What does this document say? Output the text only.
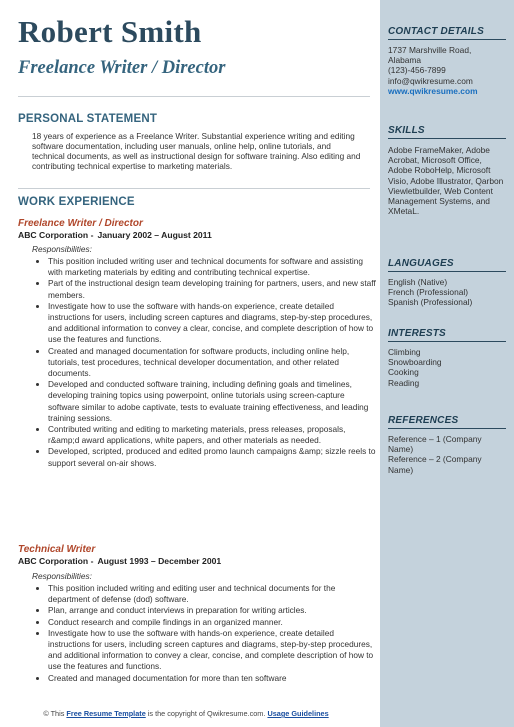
Robert Smith
Freelance Writer / Director
PERSONAL STATEMENT
18 years of experience as a Freelance Writer. Substantial experience writing and editing software documentation, including user manuals, online help, online tutorials, and technical documents, as well as instructional design for software training. Also editing and contributing technical expertise to marketing materials.
WORK EXPERIENCE
Freelance Writer / Director
ABC Corporation - January 2002 – August 2011
Responsibilities:
• This position included writing user and technical documents for software and assisting with marketing materials by editing and contributing technical expertise.
• Part of the instructional design team developing training for partners, users, and new staff members.
• Investigate how to use the software with hands-on experience, create detailed instructions for users, including screen captures and diagrams, step-by-step procedures, and additional information to convey a clear, concise, and complete description of how to use the features and functions.
• Created and managed documentation for software products, including online help, tutorials, test procedures, technical developer documentation, and other related documents.
• Developed and conducted software training, including defining goals and timelines, developing training topics using powerpoint, online tutorials using screen-capture software similar to adobe captivate, tests to evaluate training effectiveness, and leading training sessions.
• Contributed writing and editing to marketing materials, press releases, proposals, r&amp;d award applications, white papers, and other materials as needed.
• Developed, scripted, produced and edited promo launch campaigns &amp; sizzle reels to support several on-air shows.
Technical Writer
ABC Corporation - August 1993 – December 2001
Responsibilities:
• This position included writing and editing user and technical documents for the department of defense (dod) software.
• Plan, arrange and conduct interviews in preparation for writing articles.
• Conduct research and compile findings in an organized manner.
• Investigate how to use the software with hands-on experience, create detailed instructions for users, including screen captures and diagrams, step-by-step procedures, and additional information to convey a clear, concise, and complete description of how to use the features and functions.
• Created and managed documentation for more than ten software
© This Free Resume Template is the copyright of Qwikresume.com. Usage Guidelines
CONTACT DETAILS
1737 Marshville Road, Alabama
(123)-456-7899
info@qwikresume.com
www.qwikresume.com
SKILLS
Adobe FrameMaker, Adobe Acrobat, Microsoft Office, Adobe RoboHelp, Microsoft Visio, Adobe Illustrator, Qarbon Viewletbuilder, Web Content Management Systems, and XMetaL.
LANGUAGES
English (Native)
French (Professional)
Spanish (Professional)
INTERESTS
Climbing
Snowboarding
Cooking
Reading
REFERENCES
Reference – 1 (Company Name)
Reference – 2 (Company Name)
